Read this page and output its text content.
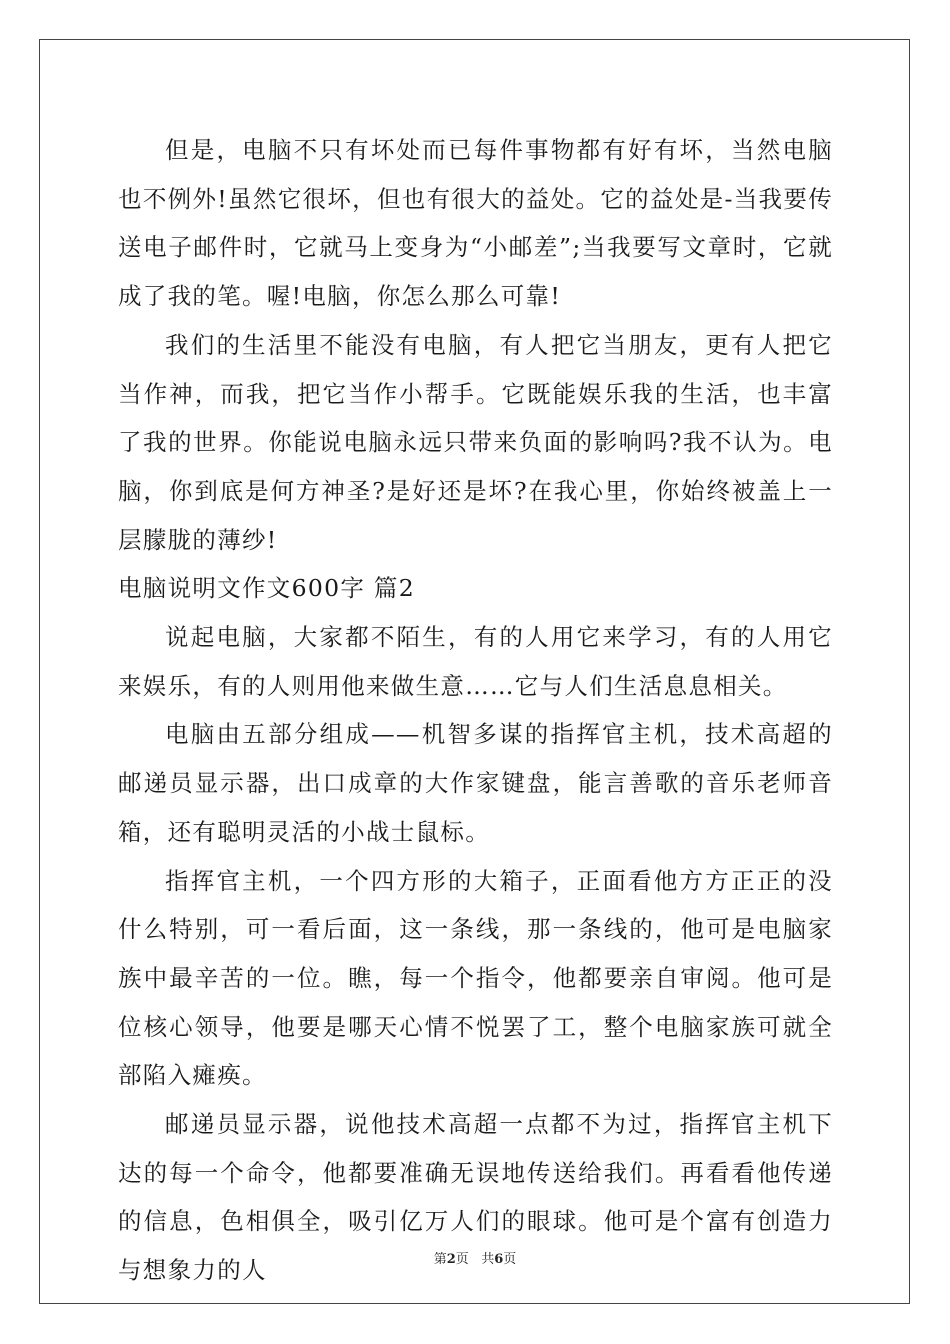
但是，电脑不只有坏处而已每件事物都有好有坏，当然电脑也不例外!虽然它很坏，但也有很大的益处。它的益处是-当我要传送电子邮件时，它就马上变身为“小邮差”;当我要写文章时，它就成了我的笔。喔!电脑，你怎么那么可靠!

我们的生活里不能没有电脑，有人把它当朋友，更有人把它当作神，而我，把它当作小帮手。它既能娱乐我的生活，也丰富了我的世界。你能说电脑永远只带来负面的影响吗?我不认为。电脑，你到底是何方神圣?是好还是坏?在我心里，你始终被盖上一层朦胧的薄纱!

电脑说明文作文600字 篇2

说起电脑，大家都不陌生，有的人用它来学习，有的人用它来娱乐，有的人则用他来做生意……它与人们生活息息相关。

电脑由五部分组成——机智多谋的指挥官主机，技术高超的邮递员显示器，出口成章的大作家键盘，能言善歌的音乐老师音箱，还有聪明灵活的小战士鼠标。

指挥官主机，一个四方形的大箱子，正面看他方方正正的没什么特别，可一看后面，这一条线，那一条线的，他可是电脑家族中最辛苦的一位。瞧，每一个指令，他都要亲自审阅。他可是位核心领导，他要是哪天心情不悦罢了工，整个电脑家族可就全部陷入瘫痪。

邮递员显示器，说他技术高超一点都不为过，指挥官主机下达的每一个命令，他都要准确无误地传送给我们。再看看他传递的信息，色相俱全，吸引亿万人们的眼球。他可是个富有创造力与想象力的人	第2页 共6页
